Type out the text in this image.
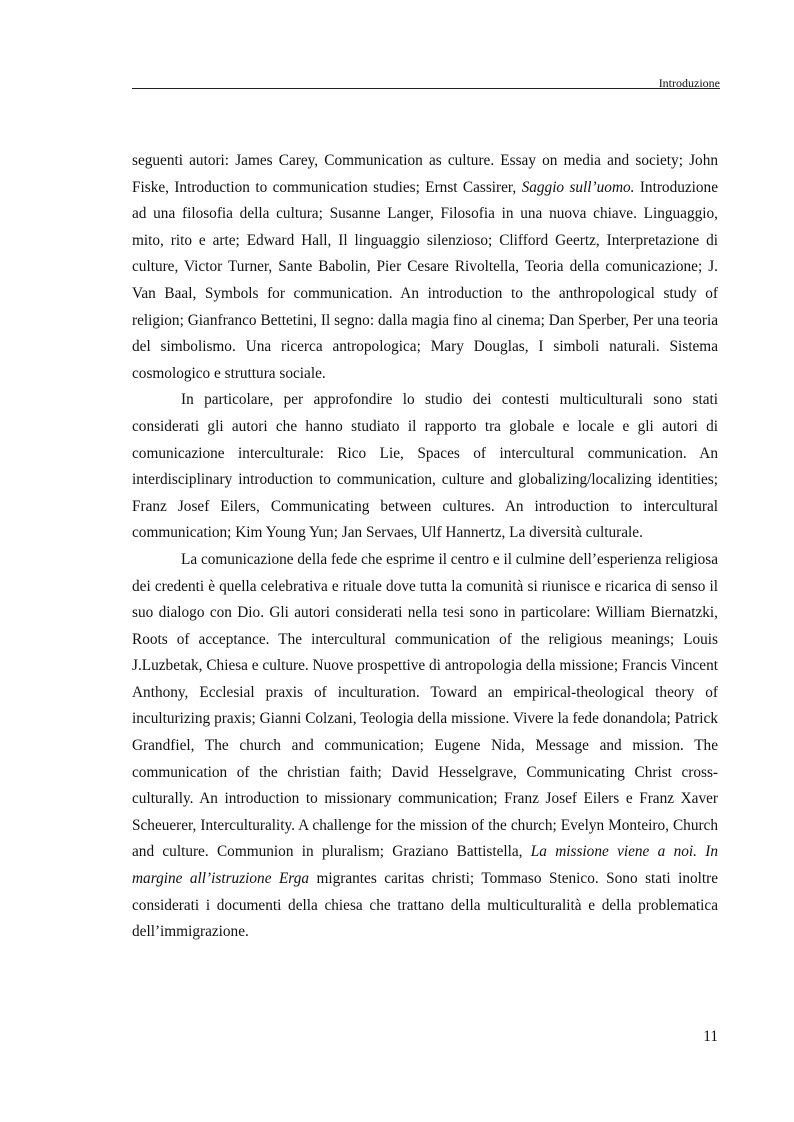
Introduzione

seguenti autori: James Carey, Communication as culture. Essay on media and society; John Fiske, Introduction to communication studies; Ernst Cassirer, Saggio sull’uomo. Introduzione ad una filosofia della cultura; Susanne Langer, Filosofia in una nuova chiave. Linguaggio, mito, rito e arte; Edward Hall, Il linguaggio silenzioso; Clifford Geertz, Interpretazione di culture, Victor Turner, Sante Babolin, Pier Cesare Rivoltella, Teoria della comunicazione; J. Van Baal, Symbols for communication. An introduction to the anthropological study of religion; Gianfranco Bettetini, Il segno: dalla magia fino al cinema; Dan Sperber, Per una teoria del simbolismo. Una ricerca antropologica; Mary Douglas, I simboli naturali. Sistema cosmologico e struttura sociale.

In particolare, per approfondire lo studio dei contesti multiculturali sono stati considerati gli autori che hanno studiato il rapporto tra globale e locale e gli autori di comunicazione interculturale: Rico Lie, Spaces of intercultural communication. An interdisciplinary introduction to communication, culture and globalizing/localizing identities; Franz Josef Eilers, Communicating between cultures. An introduction to intercultural communication; Kim Young Yun; Jan Servaes, Ulf Hannertz, La diversità culturale.

La comunicazione della fede che esprime il centro e il culmine dell’esperienza religiosa dei credenti è quella celebrativa e rituale dove tutta la comunità si riunisce e ricarica di senso il suo dialogo con Dio. Gli autori considerati nella tesi sono in particolare: William Biernatzki, Roots of acceptance. The intercultural communication of the religious meanings; Louis J.Luzbetak, Chiesa e culture. Nuove prospettive di antropologia della missione; Francis Vincent Anthony, Ecclesial praxis of inculturation. Toward an empirical-theological theory of inculturizing praxis; Gianni Colzani, Teologia della missione. Vivere la fede donandola; Patrick Grandfiel, The church and communication; Eugene Nida, Message and mission. The communication of the christian faith; David Hesselgrave, Communicating Christ cross-culturally. An introduction to missionary communication; Franz Josef Eilers e Franz Xaver Scheuerer, Interculturality. A challenge for the mission of the church; Evelyn Monteiro, Church and culture. Communion in pluralism; Graziano Battistella, La missione viene a noi. In margine all’istruzione Erga migrantes caritas christi; Tommaso Stenico. Sono stati inoltre considerati i documenti della chiesa che trattano della multiculturalità e della problematica dell’immigrazione.

11
